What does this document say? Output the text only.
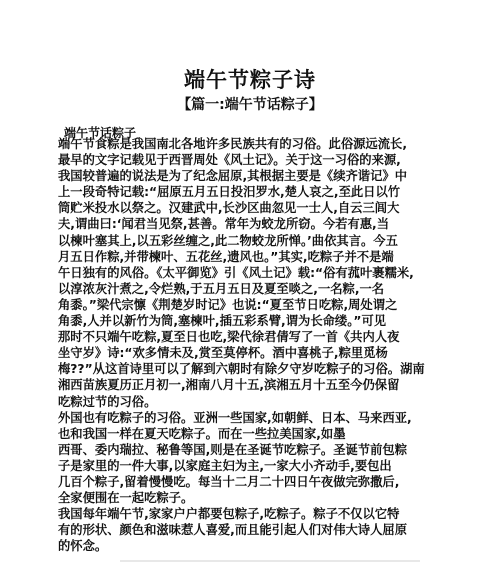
端午节粽子诗
【篇一:端午节话粽子】
端午节话粽子
端午节食粽是我国南北各地许多民族共有的习俗。此俗源远流长,
最早的文字记载见于西晋周处《风土记》。关于这一习俗的来源,
我国较普遍的说法是为了纪念屈原,其根据主要是《续齐谐记》中
上一段奇特记载:“屈原五月五日投汨罗水,楚人哀之,至此日以竹
筒贮米投水以祭之。汉建武中,长沙区曲忽见一士人,自云三闾大
夫,谓曲曰:‘闻君当见祭,甚善。常年为蛟龙所窃。今若有惠,当
以楝叶塞其上,以五彩丝缠之,此二物蛟龙所惮。’曲依其言。今五
月五日作粽,并带楝叶、五花丝,遗风也。”其实,吃粽子并不是端
午日独有的风俗。《太平御览》引《风土记》载:“俗有菰叶裹糯米,
以淳浓灰汁煮之,令烂熟,于五月五日及夏至啖之,一名粽,一名
角黍。”梁代宗懔《荆楚岁时记》也说:“夏至节日吃粽,周处谓之
角黍,人并以新竹为筒,塞楝叶,插五彩系臂,谓为长命缕。”可见
那时不只端午吃粽,夏至日也吃,梁代徐君倩写了一首《共内人夜
坐守岁》诗:“欢多情未及,赏至莫停杯。酒中喜桃子,粽里觅杨
梅??”从这首诗里可以了解到六朝时有除夕守岁吃粽子的习俗。湖南
湘西苗族夏历正月初一,湘南八月十五,滨湘五月十五至今仍保留
吃粽过节的习俗。
外国也有吃粽子的习俗。亚洲一些国家,如朝鲜、日本、马来西亚,
也和我国一样在夏天吃粽子。而在一些拉美国家,如墨
西哥、委内瑞拉、秘鲁等国,则是在圣诞节吃粽子。圣诞节前包粽
子是家里的一件大事,以家庭主妇为主,一家大小齐动手,要包出
几百个粽子,留着慢慢吃。每当十二月二十四日午夜做完弥撒后,
全家便围在一起吃粽子。
我国每年端午节,家家户户都要包粽子,吃粽子。粽子不仅以它特
有的形状、颜色和滋味惹人喜爱,而且能引起人们对伟大诗人屈原
的怀念。
